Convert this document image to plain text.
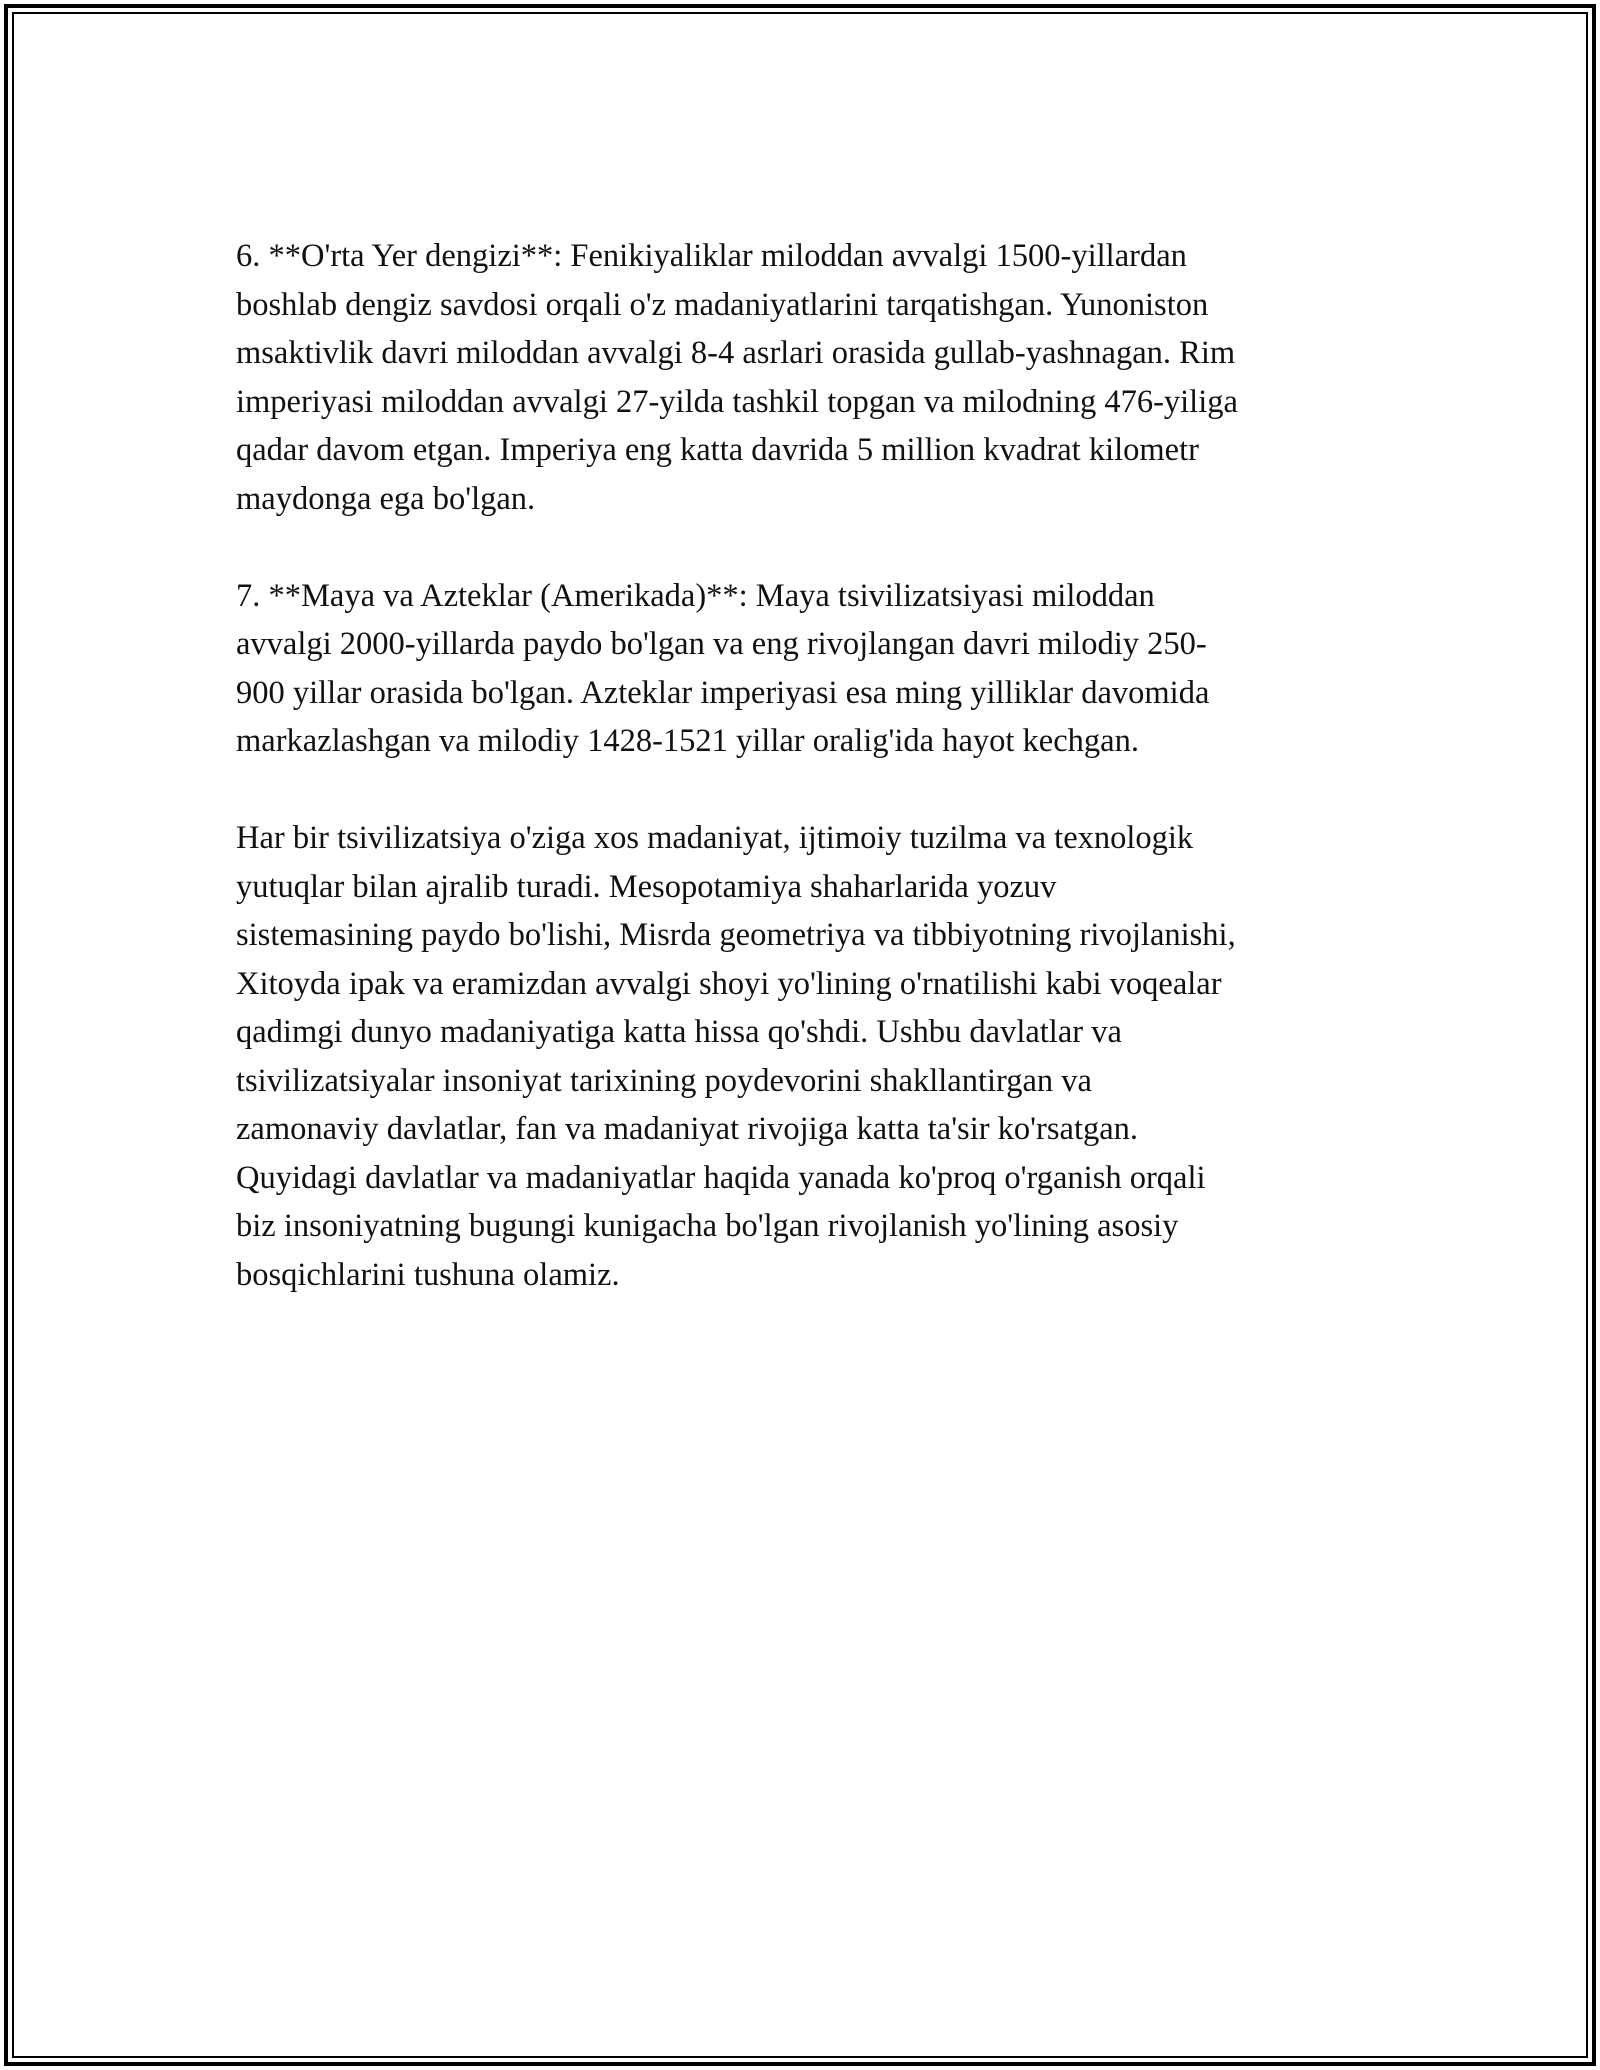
6. **O'rta Yer dengizi**: Fenikiyaliklar miloddan avvalgi 1500-yillardan
boshlab dengiz savdosi orqali o'z madaniyatlarini tarqatishgan. Yunoniston
msaktivlik davri miloddan avvalgi 8-4 asrlari orasida gullab-yashnagan. Rim
imperiyasi miloddan avvalgi 27-yilda tashkil topgan va milodning 476-yiliga
qadar davom etgan. Imperiya eng katta davrida 5 million kvadrat kilometr
maydonga ega bo'lgan.

7. **Maya va Azteklar (Amerikada)**: Maya tsivilizatsiyasi miloddan
avvalgi 2000-yillarda paydo bo'lgan va eng rivojlangan davri milodiy 250-
900 yillar orasida bo'lgan. Azteklar imperiyasi esa ming yilliklar davomida
markazlashgan va milodiy 1428-1521 yillar oralig'ida hayot kechgan.

Har bir tsivilizatsiya o'ziga xos madaniyat, ijtimoiy tuzilma va texnologik
yutuqlar bilan ajralib turadi. Mesopotamiya shaharlarida yozuv
sistemasining paydo bo'lishi, Misrda geometriya va tibbiyotning rivojlanishi,
Xitoyda ipak va eramizdan avvalgi shoyi yo'lining o'rnatilishi kabi voqealar
qadimgi dunyo madaniyatiga katta hissa qo'shdi. Ushbu davlatlar va
tsivilizatsiyalar insoniyat tarixining poydevorini shakllantirgan va
zamonaviy davlatlar, fan va madaniyat rivojiga katta ta'sir ko'rsatgan.
Quyidagi davlatlar va madaniyatlar haqida yanada ko'proq o'rganish orqali
biz insoniyatning bugungi kunigacha bo'lgan rivojlanish yo'lining asosiy
bosqichlarini tushuna olamiz.
